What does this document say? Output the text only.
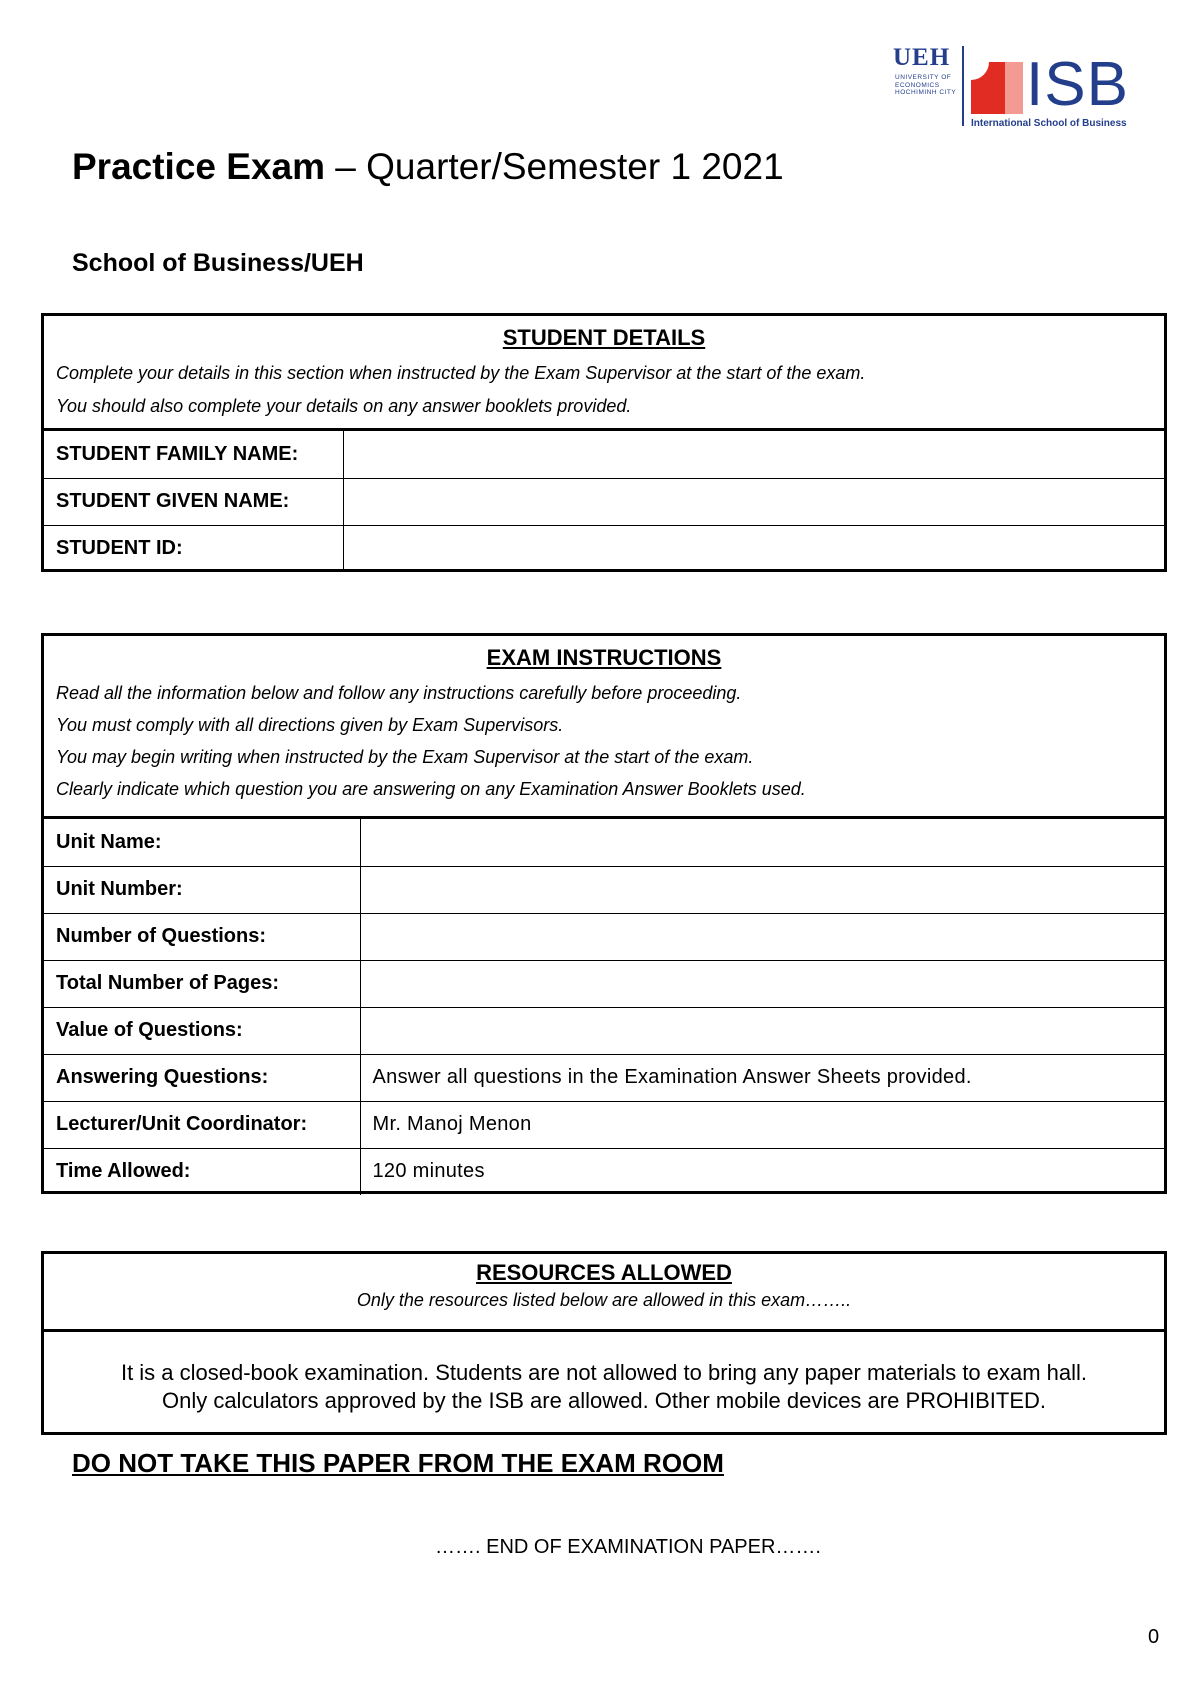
UEH
UNIVERSITY OF
ECONOMICS
HOCHIMINH CITY ISB
International School of Business
Practice Exam – Quarter/Semester 1 2021
School of Business/UEH
STUDENT DETAILS
Complete your details in this section when instructed by the Exam Supervisor at the start of the exam.
You should also complete your details on any answer booklets provided.
STUDENT FAMILY NAME:	
STUDENT GIVEN NAME:	
STUDENT ID:	
EXAM INSTRUCTIONS
Read all the information below and follow any instructions carefully before proceeding.
You must comply with all directions given by Exam Supervisors.
You may begin writing when instructed by the Exam Supervisor at the start of the exam.
Clearly indicate which question you are answering on any Examination Answer Booklets used.
Unit Name:	
Unit Number:	
Number of Questions:	
Total Number of Pages:	
Value of Questions:	
Answering Questions:	Answer all questions in the Examination Answer Sheets provided.
Lecturer/Unit Coordinator:	Mr. Manoj Menon
Time Allowed:	120 minutes
RESOURCES ALLOWED
Only the resources listed below are allowed in this exam……..
It is a closed-book examination. Students are not allowed to bring any paper materials to exam hall.
Only calculators approved by the ISB are allowed. Other mobile devices are PROHIBITED.
DO NOT TAKE THIS PAPER FROM THE EXAM ROOM
……. END OF EXAMINATION PAPER…….
0
